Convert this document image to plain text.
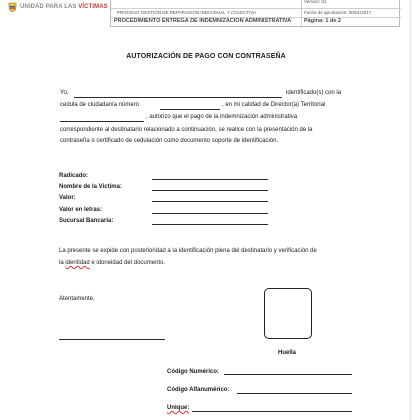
UNIDAD PARA LAS VÍCTIMAS
Versión: 01
PROCESO GESTIÓN DE REPARACIÓN INDIVIDUAL Y COLECTIVA	Fecha de aprobación: 30/01/2017
PROCEDIMIENTO ENTREGA DE INDEMNIZACIÓN ADMINISTRATIVA	Página: 1 de 2
AUTORIZACIÓN DE PAGO CON CONTRASEÑA
Yo,	identificado(s) con la
cedula de ciudadanía número	, en mi calidad de Director(a) Territorial
, autorizo que el pago de la indemnización administrativa
correspondiente al destinatario relacionado a continuación, se realice con la presentación de la
contraseña o certificado de cedulación como documento soporte de identificación.
Radicado:
Nombre de la Victima:
Valor:
Valor en letras:
Sucursal Bancaria:
La presente se expide con posterioridad a la identificación plena del destinatario y verificación de
la identidad e idoneidad del documento.
Atentamente,
Huella
Código Numérico:
Código Alfanumérico:
Unique:
